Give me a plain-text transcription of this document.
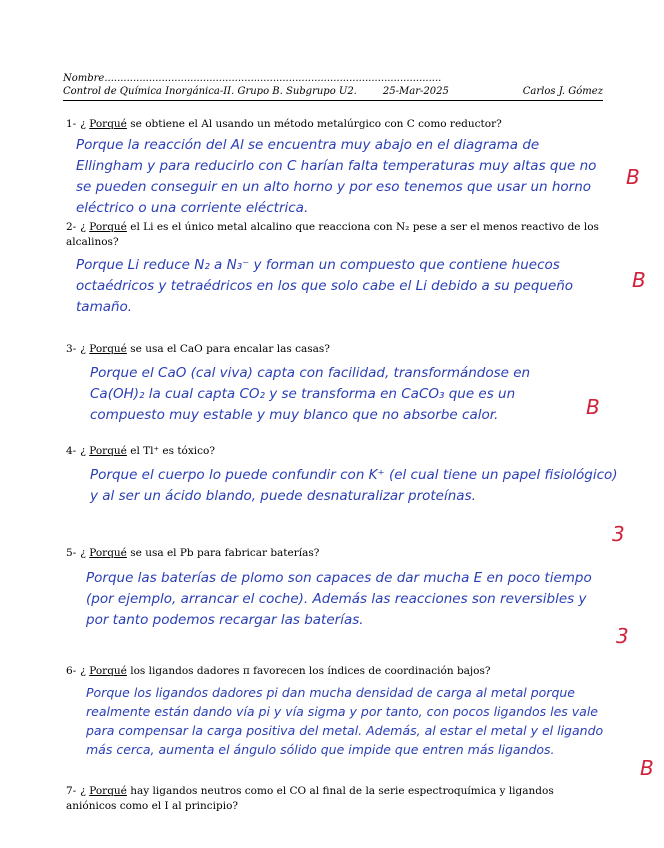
Nombre..........................................................................................................
Control de Química Inorgánica-II. Grupo B. Subgrupo U2.	25-Mar-2025	Carlos J. Gómez
1- ¿ Porqué se obtiene el Al usando un método metalúrgico con C como reductor?
Porque la reacción del Al se encuentra muy abajo en el diagrama de Ellingham y para reducirlo con C harían falta temperaturas muy altas que no se pueden conseguir en un alto horno y por eso tenemos que usar un horno eléctrico o una corriente eléctrica.
B
2- ¿ Porqué el Li es el único metal alcalino que reacciona con N₂ pese a ser el menos reactivo de los alcalinos?
Porque Li reduce N₂ a N₃⁻ y forman un compuesto que contiene huecos octaédricos y tetraédricos en los que solo cabe el Li debido a su pequeño tamaño.
B
3- ¿ Porqué se usa el CaO para encalar las casas?
Porque el CaO (cal viva) capta con facilidad, transformándose en Ca(OH)₂ la cual capta CO₂ y se transforma en CaCO₃ que es un compuesto muy estable y muy blanco que no absorbe calor.	B
4- ¿ Porqué el Tl⁺ es tóxico?
Porque el cuerpo lo puede confundir con K⁺ (el cual tiene un papel fisiológico) y al ser un ácido blando, puede desnaturalizar proteínas.
3
5- ¿ Porqué se usa el Pb para fabricar baterías?
Porque las baterías de plomo son capaces de dar mucha E en poco tiempo (por ejemplo, arrancar el coche). Además las reacciones son reversibles y por tanto podemos recargar las baterías.
3
6- ¿ Porqué los ligandos dadores π favorecen los índices de coordinación bajos?
Porque los ligandos dadores pi dan mucha densidad de carga al metal porque realmente están dando vía pi y vía sigma y por tanto, con pocos ligandos les vale para compensar la carga positiva del metal. Además, al estar el metal y el ligando más cerca, aumenta el ángulo sólido que impide que entren más ligandos.
B
7- ¿ Porqué hay ligandos neutros como el CO al final de la serie espectroquímica y ligandos aniónicos como el I al principio?
